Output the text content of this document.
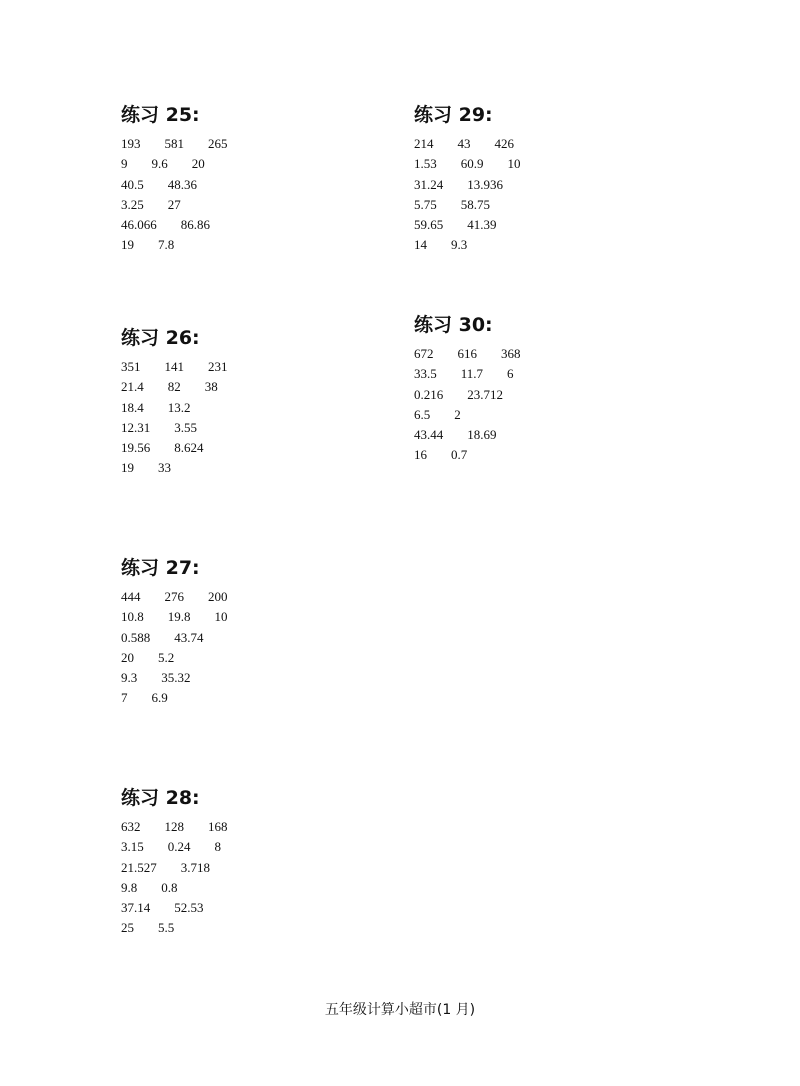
练习 25:
193 581 265
9 9.6 20
40.5 48.36
3.25 27
46.066 86.86
19 7.8
练习 26:
351 141 231
21.4 82 38
18.4 13.2
12.31 3.55
19.56 8.624
19 33
练习 27:
444 276 200
10.8 19.8 10
0.588 43.74
20 5.2
9.3 35.32
7 6.9
练习 28:
632 128 168
3.15 0.24 8
21.527 3.718
9.8 0.8
37.14 52.53
25 5.5
练习 29:
214 43 426
1.53 60.9 10
31.24 13.936
5.75 58.75
59.65 41.39
14 9.3
练习 30:
672 616 368
33.5 11.7 6
0.216 23.712
6.5 2
43.44 18.69
16 0.7
五年级计算小超市(1 月)
